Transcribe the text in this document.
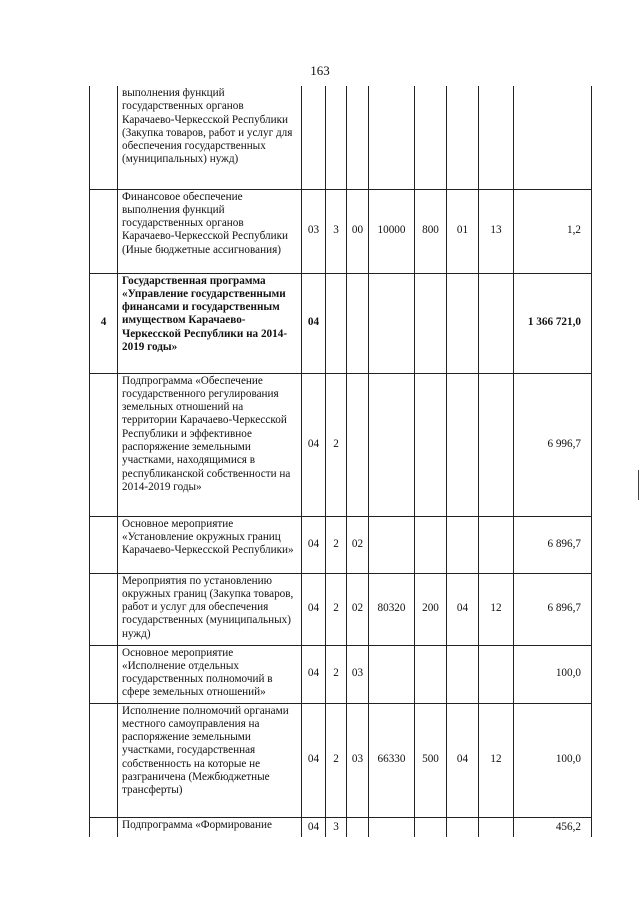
163
	выполнения функций государственных органов Карачаево-Черкесской Республики (Закупка товаров, работ и услуг для обеспечения государственных (муниципальных) нужд)								
	Финансовое обеспечение выполнения функций государственных органов Карачаево-Черкесской Республики (Иные бюджетные ассигнования)	03	3	00	10000	800	01	13	1,2
4	Государственная программа «Управление государственными финансами и государственным имуществом Карачаево-Черкесской Республики на 2014-2019 годы»	04							1 366 721,0
	Подпрограмма «Обеспечение государственного регулирования земельных отношений на территории Карачаево-Черкесской Республики и эффективное распоряжение земельными участками, находящимися в республиканской собственности на 2014-2019 годы»	04	2						6 996,7
	Основное мероприятие «Установление окружных границ Карачаево-Черкесской Республики»	04	2	02					6 896,7
	Мероприятия по установлению окружных границ (Закупка товаров, работ и услуг для обеспечения государственных (муниципальных) нужд)	04	2	02	80320	200	04	12	6 896,7
	Основное мероприятие «Исполнение отдельных государственных полномочий в сфере земельных отношений»	04	2	03					100,0
	Исполнение полномочий органами местного самоуправления на распоряжение земельными участками, государственная собственность на которые не разграничена (Межбюджетные трансферты)	04	2	03	66330	500	04	12	100,0
	Подпрограмма «Формирование	04	3						456,2
